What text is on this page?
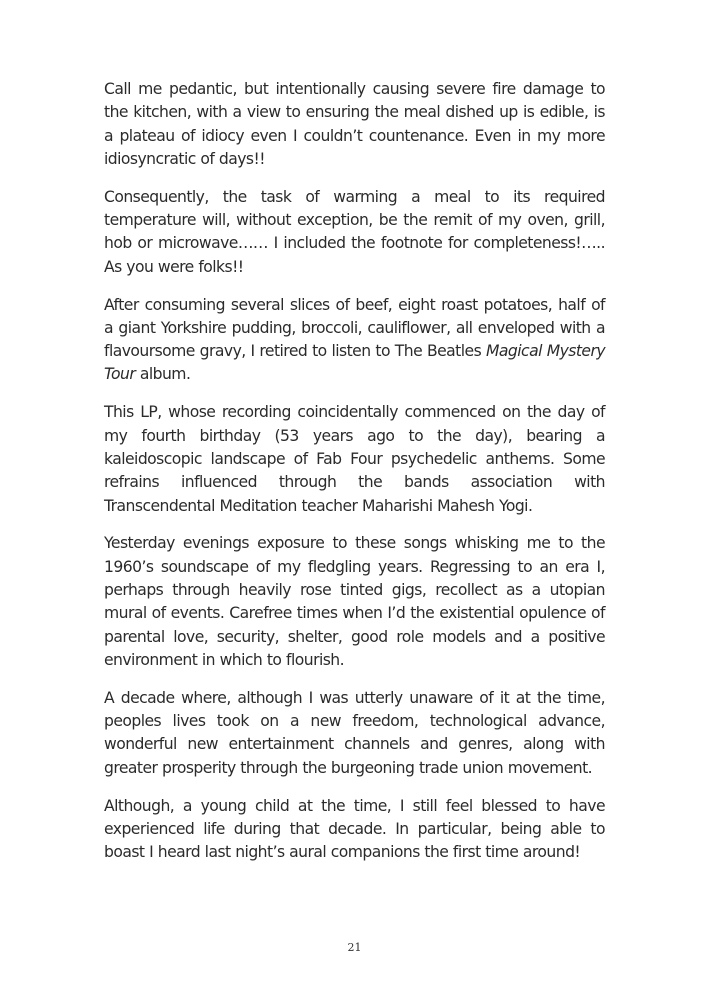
Call me pedantic, but intentionally causing severe fire damage to the kitchen, with a view to ensuring the meal dished up is edible, is a plateau of idiocy even I couldn’t countenance. Even in my more idiosyncratic of days!!

Consequently, the task of warming a meal to its required temperature will, without exception, be the remit of my oven, grill, hob or microwave…… I included the footnote for completeness!….. As you were folks!!

After consuming several slices of beef, eight roast potatoes, half of a giant Yorkshire pudding, broccoli, cauliflower, all enveloped with a flavoursome gravy, I retired to listen to The Beatles Magical Mystery Tour album.

This LP, whose recording coincidentally commenced on the day of my fourth birthday (53 years ago to the day), bearing a kaleidoscopic landscape of Fab Four psychedelic anthems. Some refrains influenced through the bands association with Transcendental Meditation teacher Maharishi Mahesh Yogi.

Yesterday evenings exposure to these songs whisking me to the 1960’s soundscape of my fledgling years. Regressing to an era I, perhaps through heavily rose tinted gigs, recollect as a utopian mural of events. Carefree times when I’d the existential opulence of parental love, security, shelter, good role models and a positive environment in which to flourish.

A decade where, although I was utterly unaware of it at the time, peoples lives took on a new freedom, technological advance, wonderful new entertainment channels and genres, along with greater prosperity through the burgeoning trade union movement.

Although, a young child at the time, I still feel blessed to have experienced life during that decade. In particular, being able to boast I heard last night’s aural companions the first time around!

21
